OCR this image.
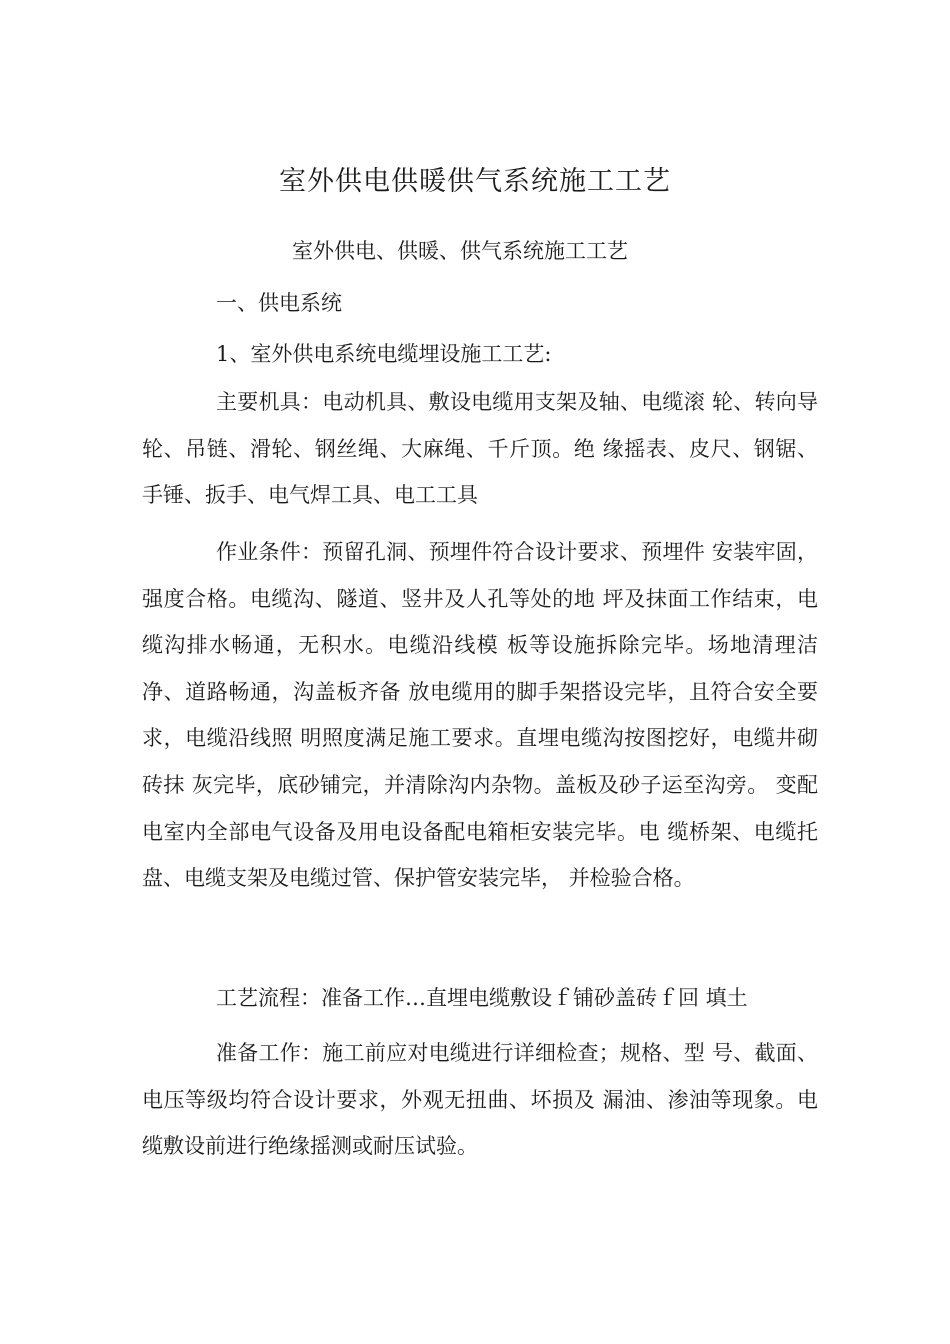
室外供电供暖供气系统施工工艺

室外供电、供暖、供气系统施工工艺

一、供电系统

1、室外供电系统电缆埋设施工工艺:

主要机具：电动机具、敷设电缆用支架及轴、电缆滚 轮、转向导轮、吊链、滑轮、钢丝绳、大麻绳、千斤顶。绝 缘摇表、皮尺、钢锯、手锤、扳手、电气焊工具、电工工具

作业条件：预留孔洞、预埋件符合设计要求、预埋件 安装牢固，强度合格。电缆沟、隧道、竖井及人孔等处的地 坪及抹面工作结束，电缆沟排水畅通，无积水。电缆沿线模 板等设施拆除完毕。场地清理洁净、道路畅通，沟盖板齐备 放电缆用的脚手架搭设完毕，且符合安全要求，电缆沿线照 明照度满足施工要求。直埋电缆沟按图挖好，电缆井砌砖抹 灰完毕，底砂铺完，并清除沟内杂物。盖板及砂子运至沟旁。 变配电室内全部电气设备及用电设备配电箱柜安装完毕。电 缆桥架、电缆托盘、电缆支架及电缆过管、保护管安装完毕， 并检验合格。

工艺流程：准备工作…直埋电缆敷设ｆ铺砂盖砖ｆ回 填土

准备工作：施工前应对电缆进行详细检查；规格、型 号、截面、电压等级均符合设计要求，外观无扭曲、坏损及 漏油、渗油等现象。电缆敷设前进行绝缘摇测或耐压试验。
